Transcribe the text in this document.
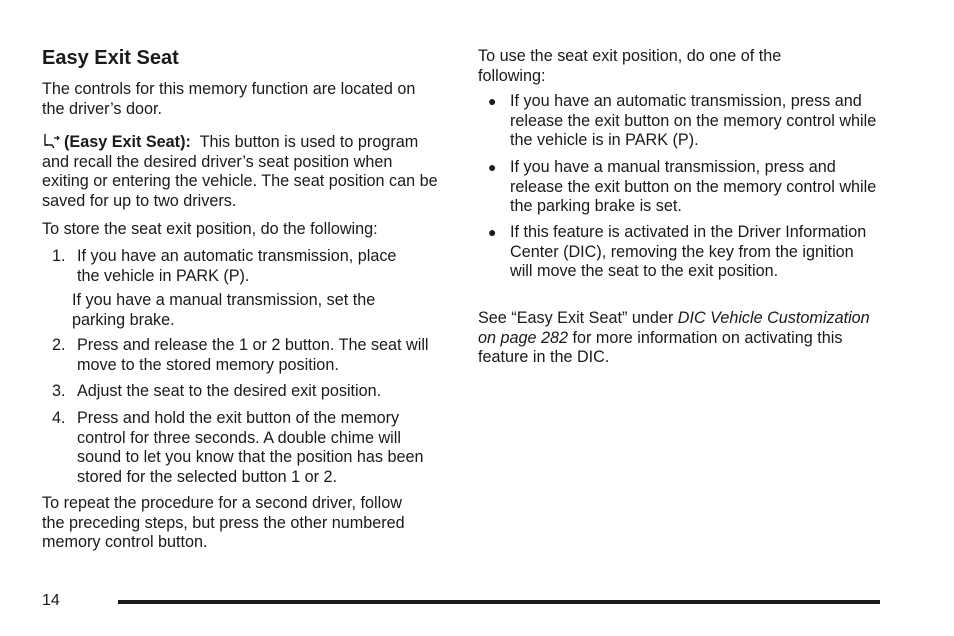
Easy Exit Seat

The controls for this memory function are located on the driver’s door.

(Easy Exit Seat): This button is used to program and recall the desired driver’s seat position when exiting or entering the vehicle. The seat position can be saved for up to two drivers.

To store the seat exit position, do the following:

1. If you have an automatic transmission, place the vehicle in PARK (P).

If you have a manual transmission, set the parking brake.

2. Press and release the 1 or 2 button. The seat will move to the stored memory position.
3. Adjust the seat to the desired exit position.
4. Press and hold the exit button of the memory control for three seconds. A double chime will sound to let you know that the position has been stored for the selected button 1 or 2.

To repeat the procedure for a second driver, follow the preceding steps, but press the other numbered memory control button.

To use the seat exit position, do one of the following:

● If you have an automatic transmission, press and release the exit button on the memory control while the vehicle is in PARK (P).
● If you have a manual transmission, press and release the exit button on the memory control while the parking brake is set.
● If this feature is activated in the Driver Information Center (DIC), removing the key from the ignition will move the seat to the exit position.

See “Easy Exit Seat” under DIC Vehicle Customization on page 282 for more information on activating this feature in the DIC.

14
